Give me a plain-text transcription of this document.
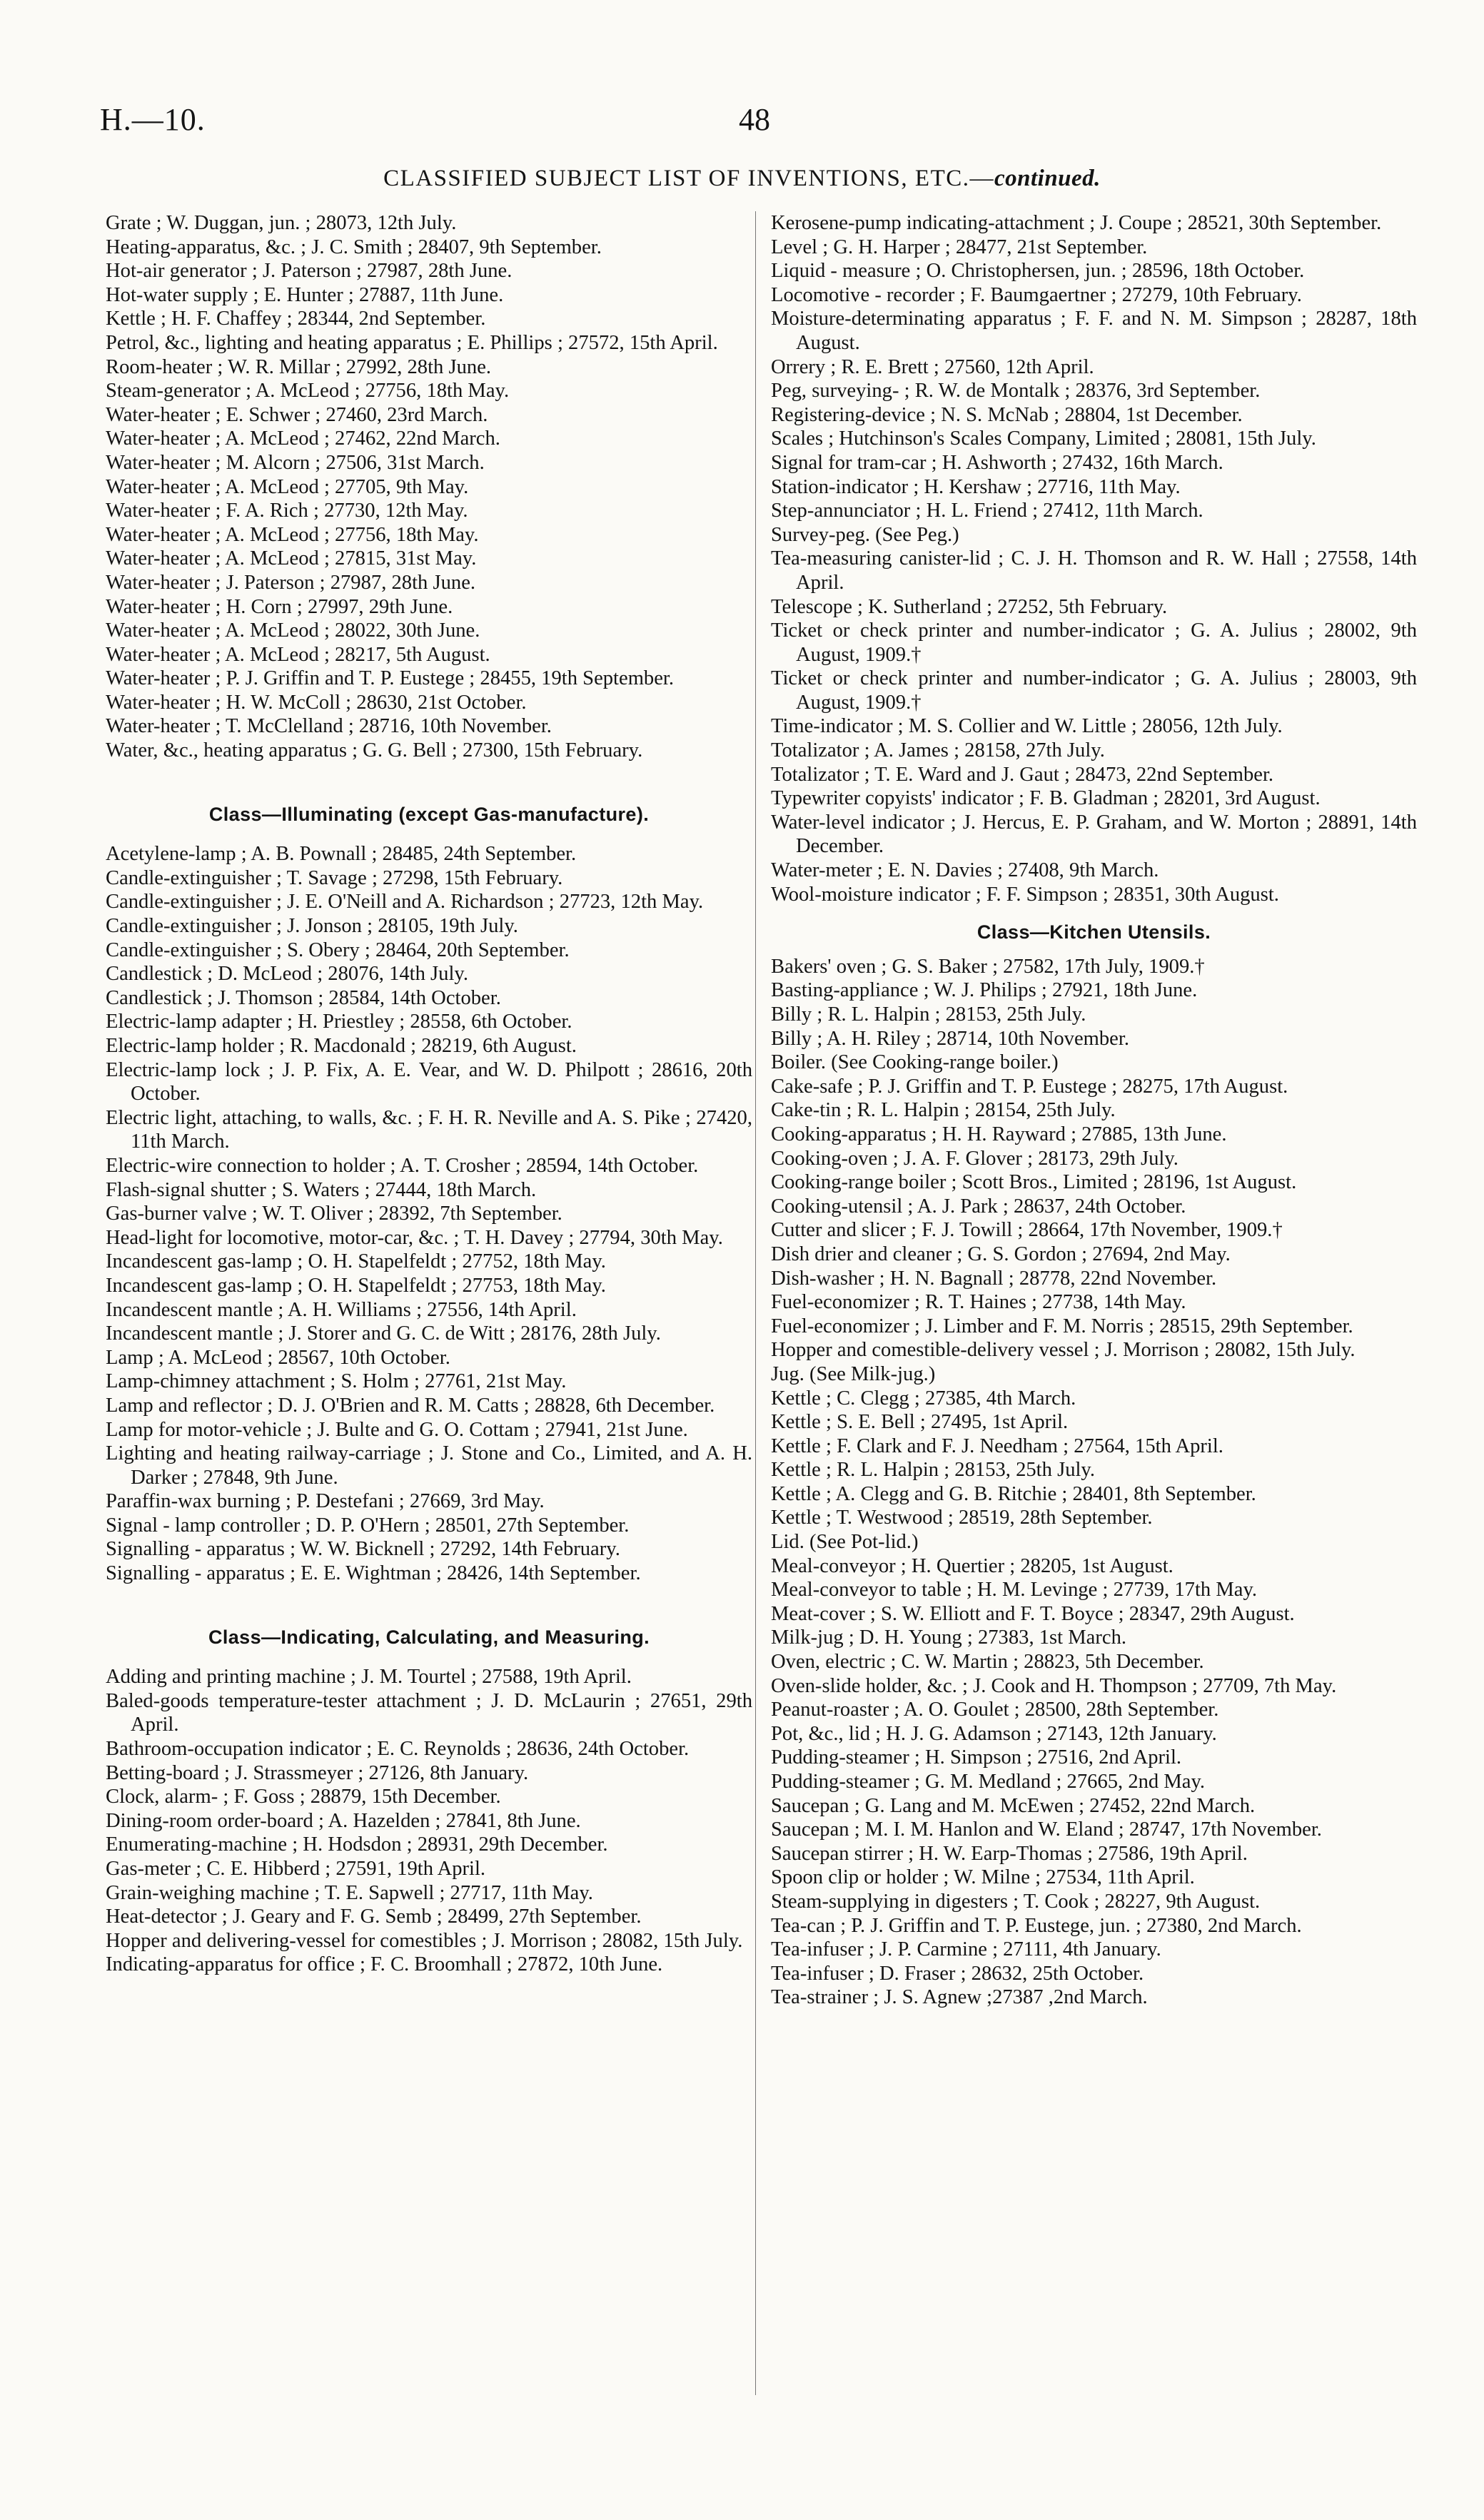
H.—10.	48
CLASSIFIED SUBJECT LIST OF INVENTIONS, ETC.—continued.
Grate ; W. Duggan, jun. ; 28073, 12th July.
Heating-apparatus, &c. ; J. C. Smith ; 28407, 9th September.
Hot-air generator ; J. Paterson ; 27987, 28th June.
Hot-water supply ; E. Hunter ; 27887, 11th June.
Kettle ; H. F. Chaffey ; 28344, 2nd September.
Petrol, &c., lighting and heating apparatus ; E. Phillips ; 27572, 15th April.
Room-heater ; W. R. Millar ; 27992, 28th June.
Steam-generator ; A. McLeod ; 27756, 18th May.
Water-heater ; E. Schwer ; 27460, 23rd March.
Water-heater ; A. McLeod ; 27462, 22nd March.
Water-heater ; M. Alcorn ; 27506, 31st March.
Water-heater ; A. McLeod ; 27705, 9th May.
Water-heater ; F. A. Rich ; 27730, 12th May.
Water-heater ; A. McLeod ; 27756, 18th May.
Water-heater ; A. McLeod ; 27815, 31st May.
Water-heater ; J. Paterson ; 27987, 28th June.
Water-heater ; H. Corn ; 27997, 29th June.
Water-heater ; A. McLeod ; 28022, 30th June.
Water-heater ; A. McLeod ; 28217, 5th August.
Water-heater ; P. J. Griffin and T. P. Eustege ; 28455, 19th September.
Water-heater ; H. W. McColl ; 28630, 21st October.
Water-heater ; T. McClelland ; 28716, 10th November.
Water, &c., heating apparatus ; G. G. Bell ; 27300, 15th February.
Class—Illuminating (except Gas-manufacture).
Acetylene-lamp ; A. B. Pownall ; 28485, 24th September.
Candle-extinguisher ; T. Savage ; 27298, 15th February.
Candle-extinguisher ; J. E. O'Neill and A. Richardson ; 27723, 12th May.
Candle-extinguisher ; J. Jonson ; 28105, 19th July.
Candle-extinguisher ; S. Obery ; 28464, 20th September.
Candlestick ; D. McLeod ; 28076, 14th July.
Candlestick ; J. Thomson ; 28584, 14th October.
Electric-lamp adapter ; H. Priestley ; 28558, 6th October.
Electric-lamp holder ; R. Macdonald ; 28219, 6th August.
Electric-lamp lock ; J. P. Fix, A. E. Vear, and W. D. Philpott ; 28616, 20th October.
Electric light, attaching, to walls, &c. ; F. H. R. Neville and A. S. Pike ; 27420, 11th March.
Electric-wire connection to holder ; A. T. Crosher ; 28594, 14th October.
Flash-signal shutter ; S. Waters ; 27444, 18th March.
Gas-burner valve ; W. T. Oliver ; 28392, 7th September.
Head-light for locomotive, motor-car, &c. ; T. H. Davey ; 27794, 30th May.
Incandescent gas-lamp ; O. H. Stapelfeldt ; 27752, 18th May.
Incandescent gas-lamp ; O. H. Stapelfeldt ; 27753, 18th May.
Incandescent mantle ; A. H. Williams ; 27556, 14th April.
Incandescent mantle ; J. Storer and G. C. de Witt ; 28176, 28th July.
Lamp ; A. McLeod ; 28567, 10th October.
Lamp-chimney attachment ; S. Holm ; 27761, 21st May.
Lamp and reflector ; D. J. O'Brien and R. M. Catts ; 28828, 6th December.
Lamp for motor-vehicle ; J. Bulte and G. O. Cottam ; 27941, 21st June.
Lighting and heating railway-carriage ; J. Stone and Co., Limited, and A. H. Darker ; 27848, 9th June.
Paraffin-wax burning ; P. Destefani ; 27669, 3rd May.
Signal - lamp controller ; D. P. O'Hern ; 28501, 27th September.
Signalling - apparatus ; W. W. Bicknell ; 27292, 14th February.
Signalling - apparatus ; E. E. Wightman ; 28426, 14th September.
Class—Indicating, Calculating, and Measuring.
Adding and printing machine ; J. M. Tourtel ; 27588, 19th April.
Baled-goods temperature-tester attachment ; J. D. McLaurin ; 27651, 29th April.
Bathroom-occupation indicator ; E. C. Reynolds ; 28636, 24th October.
Betting-board ; J. Strassmeyer ; 27126, 8th January.
Clock, alarm- ; F. Goss ; 28879, 15th December.
Dining-room order-board ; A. Hazelden ; 27841, 8th June.
Enumerating-machine ; H. Hodsdon ; 28931, 29th December.
Gas-meter ; C. E. Hibberd ; 27591, 19th April.
Grain-weighing machine ; T. E. Sapwell ; 27717, 11th May.
Heat-detector ; J. Geary and F. G. Semb ; 28499, 27th September.
Hopper and delivering-vessel for comestibles ; J. Morrison ; 28082, 15th July.
Indicating-apparatus for office ; F. C. Broomhall ; 27872, 10th June.
Kerosene-pump indicating-attachment ; J. Coupe ; 28521, 30th September.
Level ; G. H. Harper ; 28477, 21st September.
Liquid - measure ; O. Christophersen, jun. ; 28596, 18th October.
Locomotive - recorder ; F. Baumgaertner ; 27279, 10th February.
Moisture-determinating apparatus ; F. F. and N. M. Simpson ; 28287, 18th August.
Orrery ; R. E. Brett ; 27560, 12th April.
Peg, surveying- ; R. W. de Montalk ; 28376, 3rd September.
Registering-device ; N. S. McNab ; 28804, 1st December.
Scales ; Hutchinson's Scales Company, Limited ; 28081, 15th July.
Signal for tram-car ; H. Ashworth ; 27432, 16th March.
Station-indicator ; H. Kershaw ; 27716, 11th May.
Step-annunciator ; H. L. Friend ; 27412, 11th March.
Survey-peg. (See Peg.)
Tea-measuring canister-lid ; C. J. H. Thomson and R. W. Hall ; 27558, 14th April.
Telescope ; K. Sutherland ; 27252, 5th February.
Ticket or check printer and number-indicator ; G. A. Julius ; 28002, 9th August, 1909.†
Ticket or check printer and number-indicator ; G. A. Julius ; 28003, 9th August, 1909.†
Time-indicator ; M. S. Collier and W. Little ; 28056, 12th July.
Totalizator ; A. James ; 28158, 27th July.
Totalizator ; T. E. Ward and J. Gaut ; 28473, 22nd September.
Typewriter copyists' indicator ; F. B. Gladman ; 28201, 3rd August.
Water-level indicator ; J. Hercus, E. P. Graham, and W. Morton ; 28891, 14th December.
Water-meter ; E. N. Davies ; 27408, 9th March.
Wool-moisture indicator ; F. F. Simpson ; 28351, 30th August.
Class—Kitchen Utensils.
Bakers' oven ; G. S. Baker ; 27582, 17th July, 1909.†
Basting-appliance ; W. J. Philips ; 27921, 18th June.
Billy ; R. L. Halpin ; 28153, 25th July.
Billy ; A. H. Riley ; 28714, 10th November.
Boiler. (See Cooking-range boiler.)
Cake-safe ; P. J. Griffin and T. P. Eustege ; 28275, 17th August.
Cake-tin ; R. L. Halpin ; 28154, 25th July.
Cooking-apparatus ; H. H. Rayward ; 27885, 13th June.
Cooking-oven ; J. A. F. Glover ; 28173, 29th July.
Cooking-range boiler ; Scott Bros., Limited ; 28196, 1st August.
Cooking-utensil ; A. J. Park ; 28637, 24th October.
Cutter and slicer ; F. J. Towill ; 28664, 17th November, 1909.†
Dish drier and cleaner ; G. S. Gordon ; 27694, 2nd May.
Dish-washer ; H. N. Bagnall ; 28778, 22nd November.
Fuel-economizer ; R. T. Haines ; 27738, 14th May.
Fuel-economizer ; J. Limber and F. M. Norris ; 28515, 29th September.
Hopper and comestible-delivery vessel ; J. Morrison ; 28082, 15th July.
Jug. (See Milk-jug.)
Kettle ; C. Clegg ; 27385, 4th March.
Kettle ; S. E. Bell ; 27495, 1st April.
Kettle ; F. Clark and F. J. Needham ; 27564, 15th April.
Kettle ; R. L. Halpin ; 28153, 25th July.
Kettle ; A. Clegg and G. B. Ritchie ; 28401, 8th September.
Kettle ; T. Westwood ; 28519, 28th September.
Lid. (See Pot-lid.)
Meal-conveyor ; H. Quertier ; 28205, 1st August.
Meal-conveyor to table ; H. M. Levinge ; 27739, 17th May.
Meat-cover ; S. W. Elliott and F. T. Boyce ; 28347, 29th August.
Milk-jug ; D. H. Young ; 27383, 1st March.
Oven, electric ; C. W. Martin ; 28823, 5th December.
Oven-slide holder, &c. ; J. Cook and H. Thompson ; 27709, 7th May.
Peanut-roaster ; A. O. Goulet ; 28500, 28th September.
Pot, &c., lid ; H. J. G. Adamson ; 27143, 12th January.
Pudding-steamer ; H. Simpson ; 27516, 2nd April.
Pudding-steamer ; G. M. Medland ; 27665, 2nd May.
Saucepan ; G. Lang and M. McEwen ; 27452, 22nd March.
Saucepan ; M. I. M. Hanlon and W. Eland ; 28747, 17th November.
Saucepan stirrer ; H. W. Earp-Thomas ; 27586, 19th April.
Spoon clip or holder ; W. Milne ; 27534, 11th April.
Steam-supplying in digesters ; T. Cook ; 28227, 9th August.
Tea-can ; P. J. Griffin and T. P. Eustege, jun. ; 27380, 2nd March.
Tea-infuser ; J. P. Carmine ; 27111, 4th January.
Tea-infuser ; D. Fraser ; 28632, 25th October.
Tea-strainer ; J. S. Agnew ;27387 ,2nd March.
